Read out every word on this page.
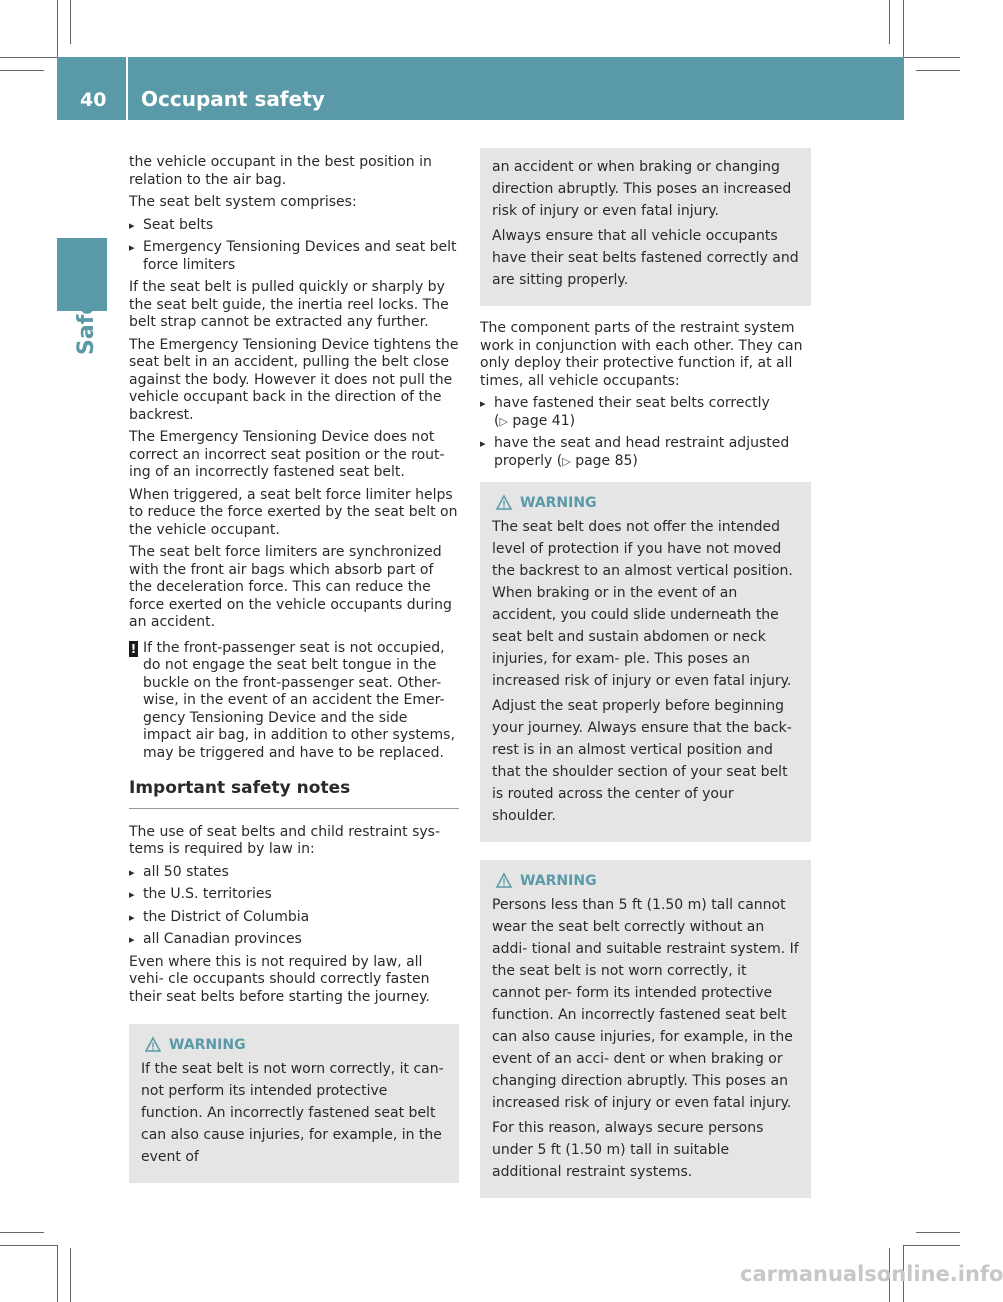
40 Occupant safety
Safety

the vehicle occupant in the best position in relation to the air bag.

The seat belt system comprises:

▸ Seat belts
▸ Emergency Tensioning Devices and seat belt force limiters

If the seat belt is pulled quickly or sharply by the seat belt guide, the inertia reel locks. The belt strap cannot be extracted any further.

The Emergency Tensioning Device tightens the seat belt in an accident, pulling the belt close against the body. However it does not pull the vehicle occupant back in the direction of the backrest.

The Emergency Tensioning Device does not correct an incorrect seat position or the rout- ing of an incorrectly fastened seat belt.

When triggered, a seat belt force limiter helps to reduce the force exerted by the seat belt on the vehicle occupant.

The seat belt force limiters are synchronized with the front air bags which absorb part of the deceleration force. This can reduce the force exerted on the vehicle occupants during an accident.

! If the front-passenger seat is not occupied, do not engage the seat belt tongue in the buckle on the front-passenger seat. Other- wise, in the event of an accident the Emer- gency Tensioning Device and the side impact air bag, in addition to other systems, may be triggered and have to be replaced.
Important safety notes

The use of seat belts and child restraint sys- tems is required by law in:

▸ all 50 states
▸ the U.S. territories
▸ the District of Columbia
▸ all Canadian provinces

Even where this is not required by law, all vehi- cle occupants should correctly fasten their seat belts before starting the journey.

WARNING

If the seat belt is not worn correctly, it can- not perform its intended protective function. An incorrectly fastened seat belt can also cause injuries, for example, in the event of

an accident or when braking or changing direction abruptly. This poses an increased risk of injury or even fatal injury.

Always ensure that all vehicle occupants have their seat belts fastened correctly and are sitting properly.

The component parts of the restraint system work in conjunction with each other. They can only deploy their protective function if, at all times, all vehicle occupants:

▸ have fastened their seat belts correctly
(▷ page 41)
▸ have the seat and head restraint adjusted properly (▷ page 85)
WARNING

The seat belt does not offer the intended level of protection if you have not moved the backrest to an almost vertical position. When braking or in the event of an accident, you could slide underneath the seat belt and sustain abdomen or neck injuries, for exam- ple. This poses an increased risk of injury or even fatal injury.

Adjust the seat properly before beginning your journey. Always ensure that the back- rest is in an almost vertical position and that the shoulder section of your seat belt is routed across the center of your shoulder.

WARNING

Persons less than 5 ft (1.50 m) tall cannot wear the seat belt correctly without an addi- tional and suitable restraint system. If the seat belt is not worn correctly, it cannot per- form its intended protective function. An incorrectly fastened seat belt can also cause injuries, for example, in the event of an acci- dent or when braking or changing direction abruptly. This poses an increased risk of injury or even fatal injury.

For this reason, always secure persons under 5 ft (1.50 m) tall in suitable additional restraint systems.

carmanualsonline.info
